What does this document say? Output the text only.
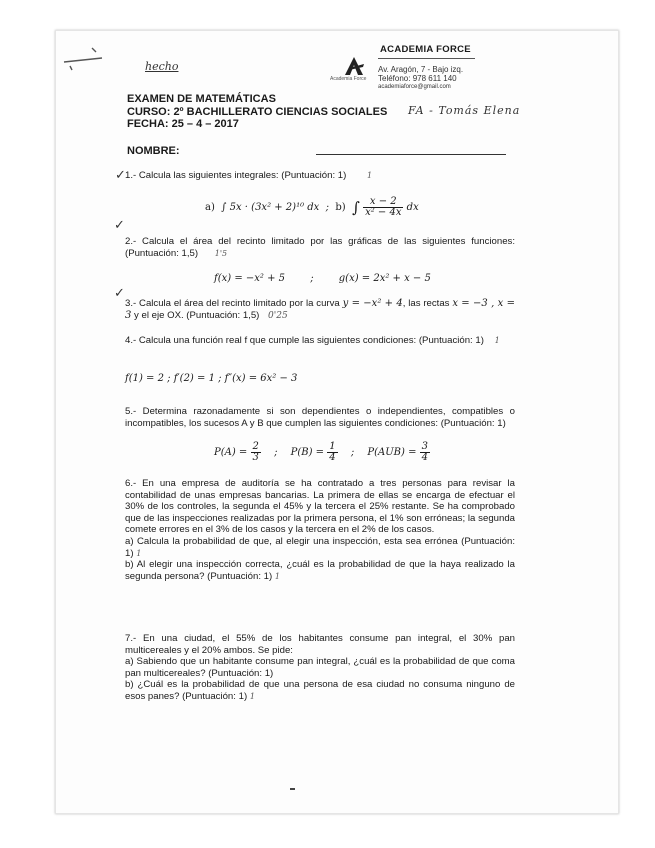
Academia Force
ACADEMIA FORCE
Av. Aragón, 7 - Bajo izq.
Teléfono: 978 611 140
academiaforce@gmail.com
hecho
EXAMEN DE MATEMÁTICAS
CURSO: 2º BACHILLERATO CIENCIAS SOCIALES
FECHA: 25 – 4 – 2017
FA - Tomás Elena
NOMBRE:
✓ 1.- Calcula las siguientes integrales: (Puntuación: 1)	1
a) ∫ 5x · (3x² + 2)¹⁰ dx ; b) ∫ $\frac{x - 2}{\text{x² − 4x}}$ dx
✓
2.- Calcula el área del recinto limitado por las gráficas de las siguientes funciones: (Puntuación: 1,5) 1'5
f(x) = −x² + 5	;	g(x) = 2x² + x − 5
✓
3.- Calcula el área del recinto limitado por la curva y = −x² + 4, las rectas x = −3 , x = 3 y el eje OX. (Puntuación: 1,5) 0'25
4.- Calcula una función real f que cumple las siguientes condiciones: (Puntuación: 1) 1
f(1) = 2 ; f′(2) = 1 ; f″(x) = 6x² − 3
5.- Determina razonadamente si son dependientes o independientes, compatibles o incompatibles, los sucesos A y B que cumplen las siguientes condiciones: (Puntuación: 1)
$P(A) = \frac{2}{3}$ ; $P(B) = \frac{1}{4}$ ; $P(AUB) = \frac{3}{4}$
6.- En una empresa de auditoría se ha contratado a tres personas para revisar la contabilidad de unas empresas bancarias. La primera de ellas se encarga de efectuar el 30% de los controles, la segunda el 45% y la tercera el 25% restante. Se ha comprobado que de las inspecciones realizadas por la primera persona, el 1% son erróneas; la segunda comete errores en el 3% de los casos y la tercera en el 2% de los casos.
a) Calcula la probabilidad de que, al elegir una inspección, esta sea errónea (Puntuación: 1) 1
b) Al elegir una inspección correcta, ¿cuál es la probabilidad de que la haya realizado la segunda persona? (Puntuación: 1) 1
7.- En una ciudad, el 55% de los habitantes consume pan integral, el 30% pan multicereales y el 20% ambos. Se pide:
a) Sabiendo que un habitante consume pan integral, ¿cuál es la probabilidad de que coma pan multicereales? (Puntuación: 1)
b) ¿Cuál es la probabilidad de que una persona de esa ciudad no consuma ninguno de esos panes? (Puntuación: 1) 1
